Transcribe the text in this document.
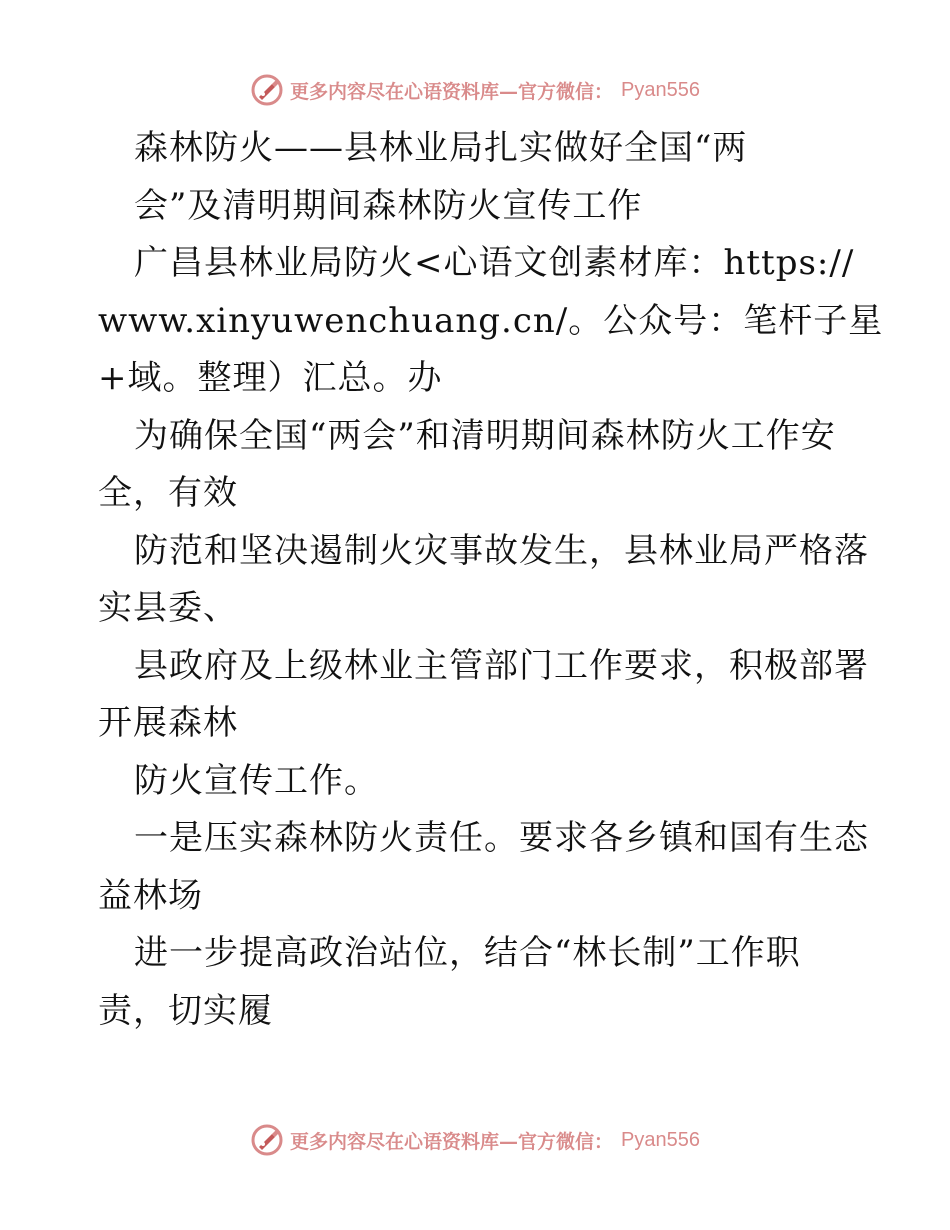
更多内容尽在心语资料库—官方微信： Pyan556
森林防火——县林业局扎实做好全国“两
会”及清明期间森林防火宣传工作
广昌县林业局防火<心语文创素材库：https://
www.xinyuwenchuang.cn/。公众号：笔杆子星
+域。整理）汇总。办
为确保全国“两会”和清明期间森林防火工作安
全，有效
防范和坚决遏制火灾事故发生，县林业局严格落
实县委、
县政府及上级林业主管部门工作要求，积极部署
开展森林
防火宣传工作。
一是压实森林防火责任。要求各乡镇和国有生态
益林场
进一步提高政治站位，结合“林长制”工作职
责，切实履
更多内容尽在心语资料库—官方微信： Pyan556
